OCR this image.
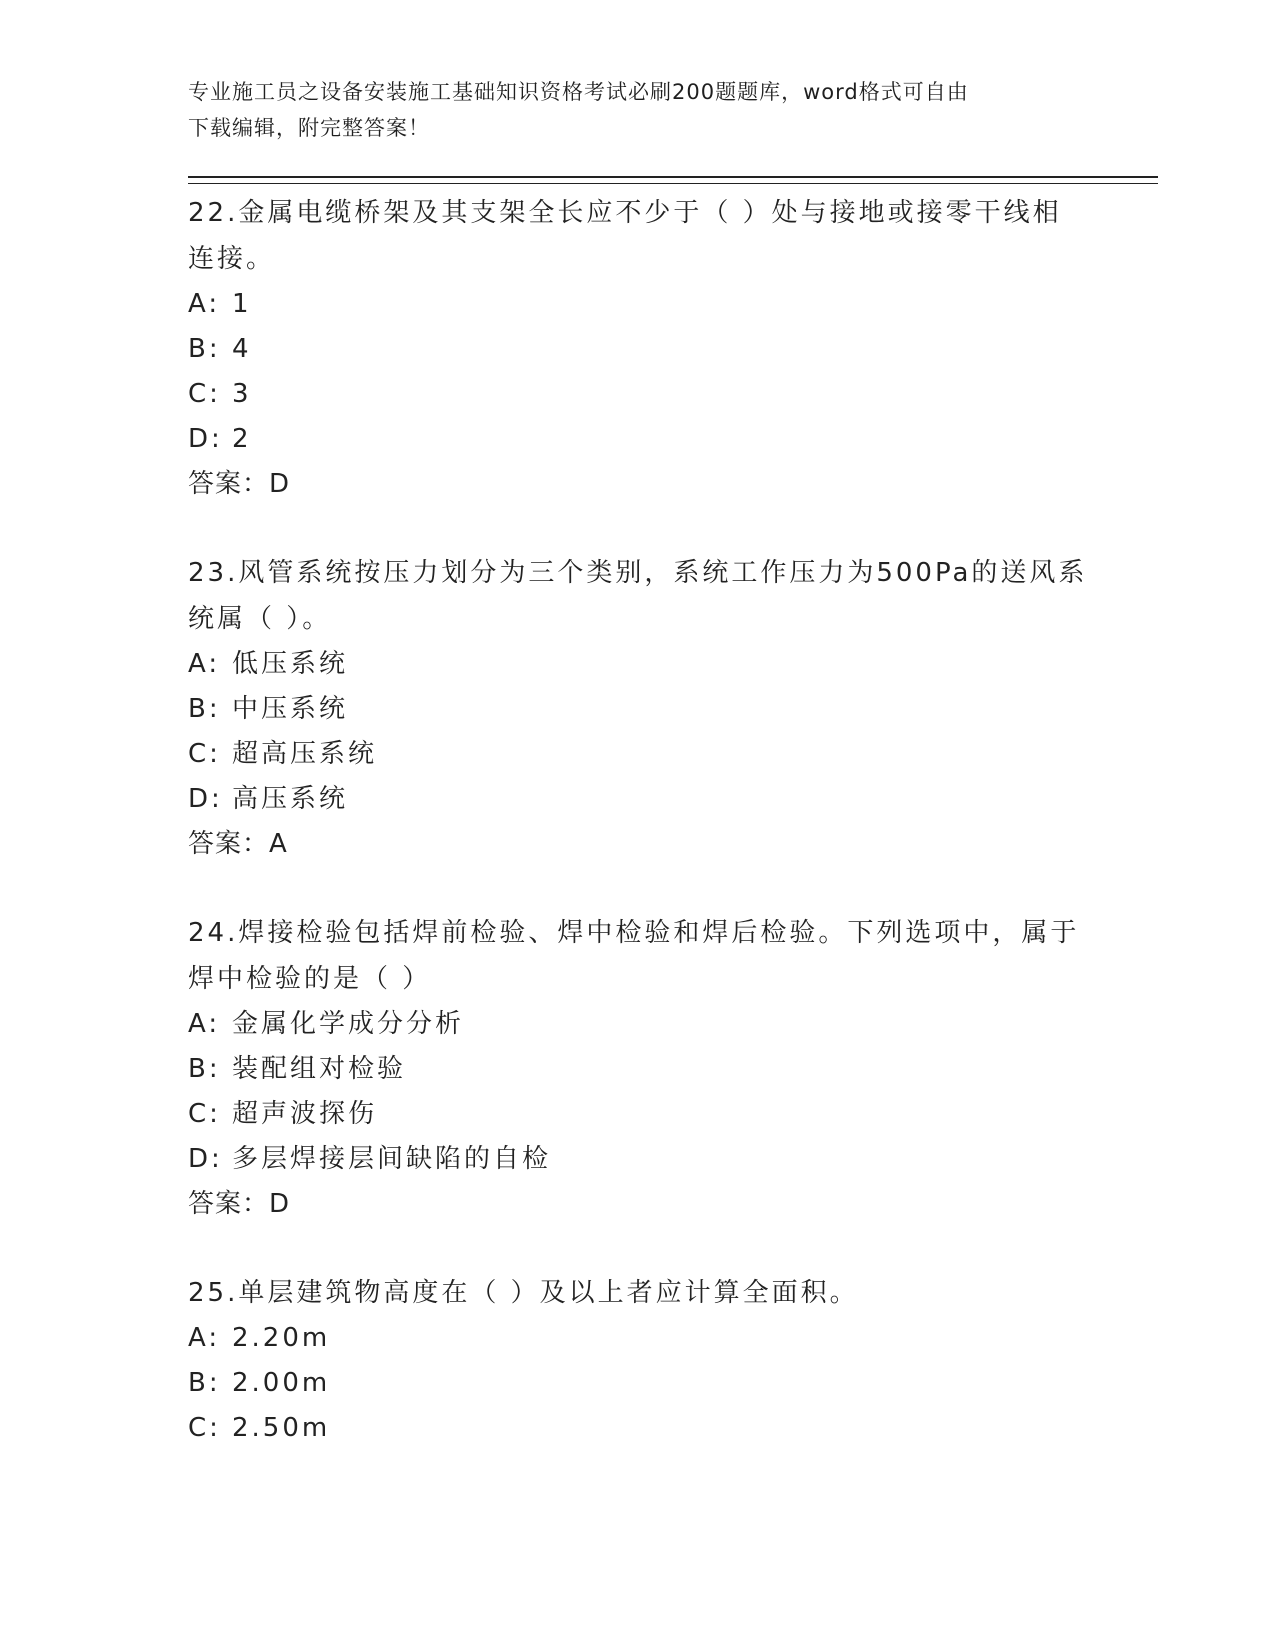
专业施工员之设备安装施工基础知识资格考试必刷200题题库，word格式可自由
下载编辑，附完整答案！

22.金属电缆桥架及其支架全长应不少于（ ）处与接地或接零干线相

连接。

A: 1

B: 4

C: 3

D: 2

答案：D

23.风管系统按压力划分为三个类别，系统工作压力为500Pa的送风系

统属（ ）。

A: 低压系统

B: 中压系统

C: 超高压系统

D: 高压系统

答案：A

24.焊接检验包括焊前检验、焊中检验和焊后检验。下列选项中，属于

焊中检验的是（ ）

A: 金属化学成分分析

B: 装配组对检验

C: 超声波探伤

D: 多层焊接层间缺陷的自检

答案：D

25.单层建筑物高度在（ ）及以上者应计算全面积。

A: 2.20m

B: 2.00m

C: 2.50m
